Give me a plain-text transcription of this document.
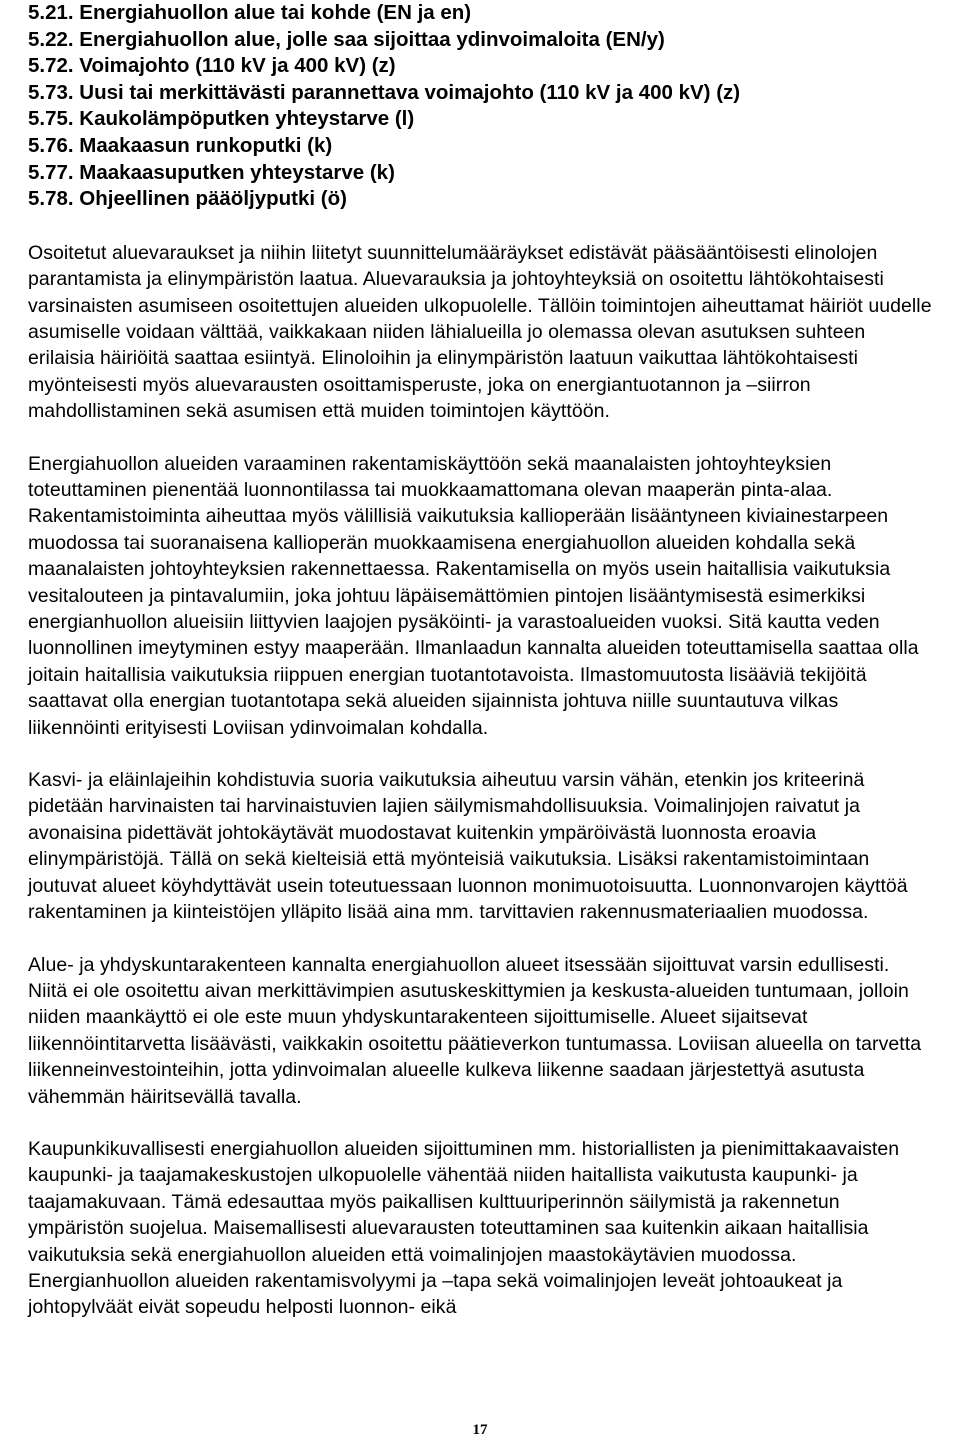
5.21. Energiahuollon alue tai kohde (EN ja en)
5.22. Energiahuollon alue, jolle saa sijoittaa ydinvoimaloita (EN/y)
5.72. Voimajohto (110 kV ja 400 kV) (z)
5.73. Uusi tai merkittävästi parannettava voimajohto (110 kV ja 400 kV) (z)
5.75. Kaukolämpöputken yhteystarve (l)
5.76. Maakaasun runkoputki (k)
5.77. Maakaasuputken yhteystarve (k)
5.78. Ohjeellinen pääöljyputki (ö)

Osoitetut aluevaraukset ja niihin liitetyt suunnittelumääräykset edistävät pääsääntöisesti elinolojen parantamista ja elinympäristön laatua. Aluevarauksia ja johtoyhteyksiä on osoitettu lähtökohtaisesti varsinaisten asumiseen osoitettujen alueiden ulkopuolelle. Tällöin toimintojen aiheuttamat häiriöt uudelle asumiselle voidaan välttää, vaikkakaan niiden lähialueilla jo olemassa olevan asutuksen suhteen erilaisia häiriöitä saattaa esiintyä. Elinoloihin ja elinympäristön laatuun vaikuttaa lähtökohtaisesti myönteisesti myös aluevarausten osoittamisperuste, joka on energiantuotannon ja –siirron mahdollistaminen sekä asumisen että muiden toimintojen käyttöön.

Energiahuollon alueiden varaaminen rakentamiskäyttöön sekä maanalaisten johtoyhteyksien toteuttaminen pienentää luonnontilassa tai muokkaamattomana olevan maaperän pinta-alaa. Rakentamistoiminta aiheuttaa myös välillisiä vaikutuksia kallioperään lisääntyneen kiviainestarpeen muodossa tai suoranaisena kallioperän muokkaamisena energiahuollon alueiden kohdalla sekä maanalaisten johtoyhteyksien rakennettaessa. Rakentamisella on myös usein haitallisia vaikutuksia vesitalouteen ja pintavalumiin, joka johtuu läpäisemättömien pintojen lisääntymisestä esimerkiksi energianhuollon alueisiin liittyvien laajojen pysäköinti- ja varastoalueiden vuoksi. Sitä kautta veden luonnollinen imeytyminen estyy maaperään. Ilmanlaadun kannalta alueiden toteuttamisella saattaa olla joitain haitallisia vaikutuksia riippuen energian tuotantotavoista. Ilmastomuutosta lisääviä tekijöitä saattavat olla energian tuotantotapa sekä alueiden sijainnista johtuva niille suuntautuva vilkas liikennöinti erityisesti Loviisan ydinvoimalan kohdalla.

Kasvi- ja eläinlajeihin kohdistuvia suoria vaikutuksia aiheutuu varsin vähän, etenkin jos kriteerinä pidetään harvinaisten tai harvinaistuvien lajien säilymismahdollisuuksia. Voimalinjojen raivatut ja avonaisina pidettävät johtokäytävät muodostavat kuitenkin ympäröivästä luonnosta eroavia elinympäristöjä. Tällä on sekä kielteisiä että myönteisiä vaikutuksia. Lisäksi rakentamistoimintaan joutuvat alueet köyhdyttävät usein toteutuessaan luonnon monimuotoisuutta. Luonnonvarojen käyttöä rakentaminen ja kiinteistöjen ylläpito lisää aina mm. tarvittavien rakennusmateriaalien muodossa.

Alue- ja yhdyskuntarakenteen kannalta energiahuollon alueet itsessään sijoittuvat varsin edullisesti. Niitä ei ole osoitettu aivan merkittävimpien asutuskeskittymien ja keskusta-alueiden tuntumaan, jolloin niiden maankäyttö ei ole este muun yhdyskuntarakenteen sijoittumiselle. Alueet sijaitsevat liikennöintitarvetta lisäävästi, vaikkakin osoitettu päätieverkon tuntumassa. Loviisan alueella on tarvetta liikenneinvestointeihin, jotta ydinvoimalan alueelle kulkeva liikenne saadaan järjestettyä asutusta vähemmän häiritsevällä tavalla.

Kaupunkikuvallisesti energiahuollon alueiden sijoittuminen mm. historiallisten ja pienimittakaavaisten kaupunki- ja taajamakeskustojen ulkopuolelle vähentää niiden haitallista vaikutusta kaupunki- ja taajamakuvaan. Tämä edesauttaa myös paikallisen kulttuuriperinnön säilymistä ja rakennetun ympäristön suojelua. Maisemallisesti aluevarausten toteuttaminen saa kuitenkin aikaan haitallisia vaikutuksia sekä energiahuollon alueiden että voimalinjojen maastokäytävien muodossa. Energianhuollon alueiden rakentamisvolyymi ja –tapa sekä voimalinjojen leveät johtoaukeat ja johtopylväät eivät sopeudu helposti luonnon- eikä

17
